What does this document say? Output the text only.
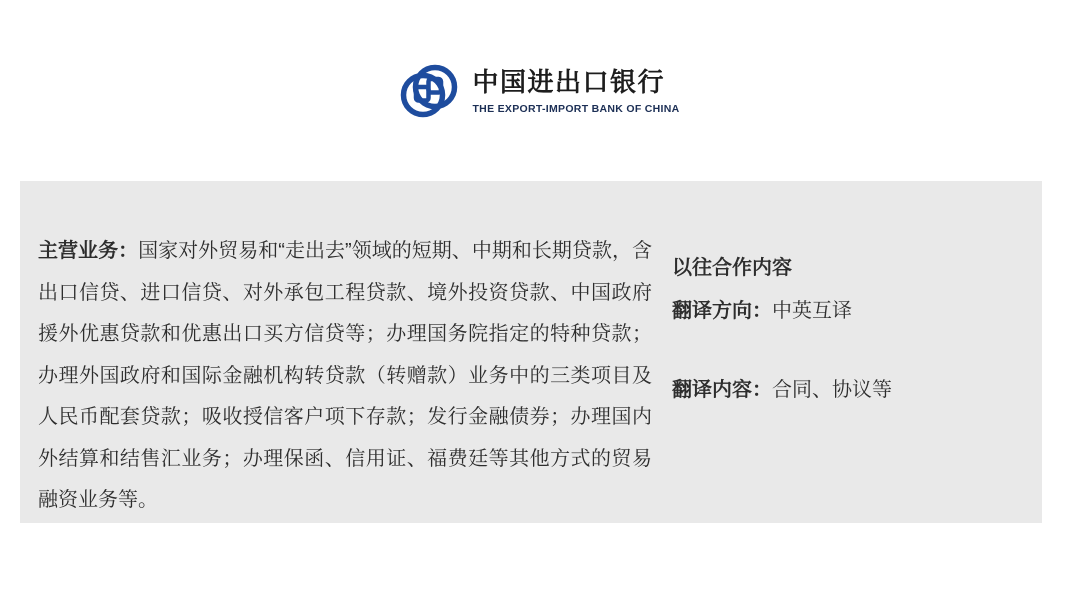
中国进出口银行
THE EXPORT-IMPORT BANK OF CHINA

主营业务：国家对外贸易和“走出去”领域的短期、中期和长期贷款，含出口信贷、进口信贷、对外承包工程贷款、境外投资贷款、中国政府援外优惠贷款和优惠出口买方信贷等；办理国务院指定的特种贷款；办理外国政府和国际金融机构转贷款（转赠款）业务中的三类项目及人民币配套贷款；吸收授信客户项下存款；发行金融债券；办理国内外结算和结售汇业务；办理保函、信用证、福费廷等其他方式的贸易融资业务等。

以往合作内容

翻译方向：中英互译

翻译内容：合同、协议等
